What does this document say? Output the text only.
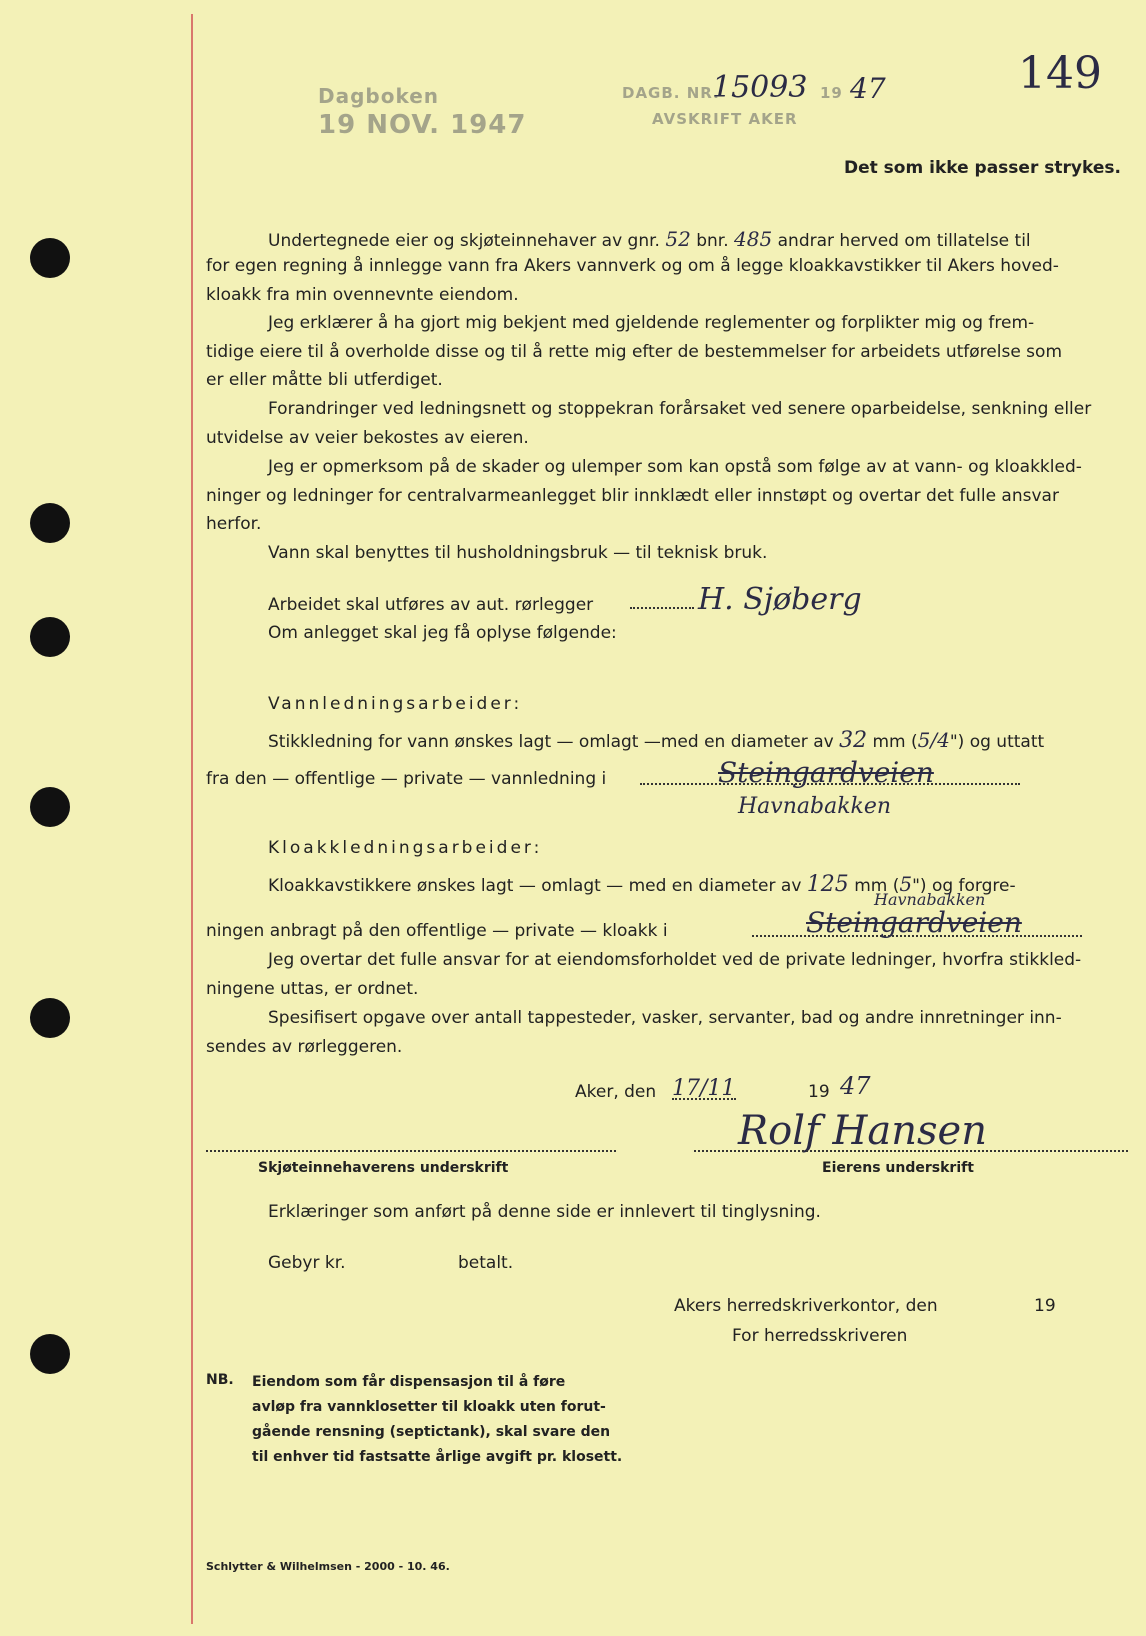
Dagboken
19 NOV. 1947
DAGB. NR.
15093 19 47
AVSKRIFT AKER
149
Det som ikke passer strykes.
Undertegnede eier og skjøteinnehaver av gnr. 52 bnr. 485 andrar herved om tillatelse til
for egen regning å innlegge vann fra Akers vannverk og om å legge kloakkavstikker til Akers hoved-
kloakk fra min ovennevnte eiendom.
Jeg erklærer å ha gjort mig bekjent med gjeldende reglementer og forplikter mig og frem-
tidige eiere til å overholde disse og til å rette mig efter de bestemmelser for arbeidets utførelse som
er eller måtte bli utferdiget.
Forandringer ved ledningsnett og stoppekran forårsaket ved senere oparbeidelse, senkning eller
utvidelse av veier bekostes av eieren.
Jeg er opmerksom på de skader og ulemper som kan opstå som følge av at vann- og kloakkled-
ninger og ledninger for centralvarmeanlegget blir innklædt eller innstøpt og overtar det fulle ansvar
herfor.
Vann skal benyttes til husholdningsbruk — til teknisk bruk.
Arbeidet skal utføres av aut. rørlegger	H. Sjøberg
Om anlegget skal jeg få oplyse følgende:
Vannledningsarbeider:
Stikkledning for vann ønskes lagt — omlagt —med en diameter av 32 mm (5/4") og uttatt
fra den — offentlige — private — vannledning i	Steingardveien
Havnabakken
Kloakkledningsarbeider:
Kloakkavstikkere ønskes lagt — omlagt — med en diameter av 125 mm (5") og forgre-
Havnabakken
ningen anbragt på den offentlige — private — kloakk i	Steingardveien
Jeg overtar det fulle ansvar for at eiendomsforholdet ved de private ledninger, hvorfra stikkled-
ningene uttas, er ordnet.
Spesifisert opgave over antall tappesteder, vasker, servanter, bad og andre innretninger inn-
sendes av rørleggeren.
Aker, den 17/11	19 47
Rolf Hansen
Skjøteinnehaverens underskrift	Eierens underskrift
Erklæringer som anført på denne side er innlevert til tinglysning.
Gebyr kr.	betalt.
Akers herredskriverkontor, den	19
For herredsskriveren
NB. Eiendom som får dispensasjon til å føre
avløp fra vannklosetter til kloakk uten forut-
gående rensning (septictank), skal svare den
til enhver tid fastsatte årlige avgift pr. klosett.
Schlytter & Wilhelmsen - 2000 - 10. 46.
